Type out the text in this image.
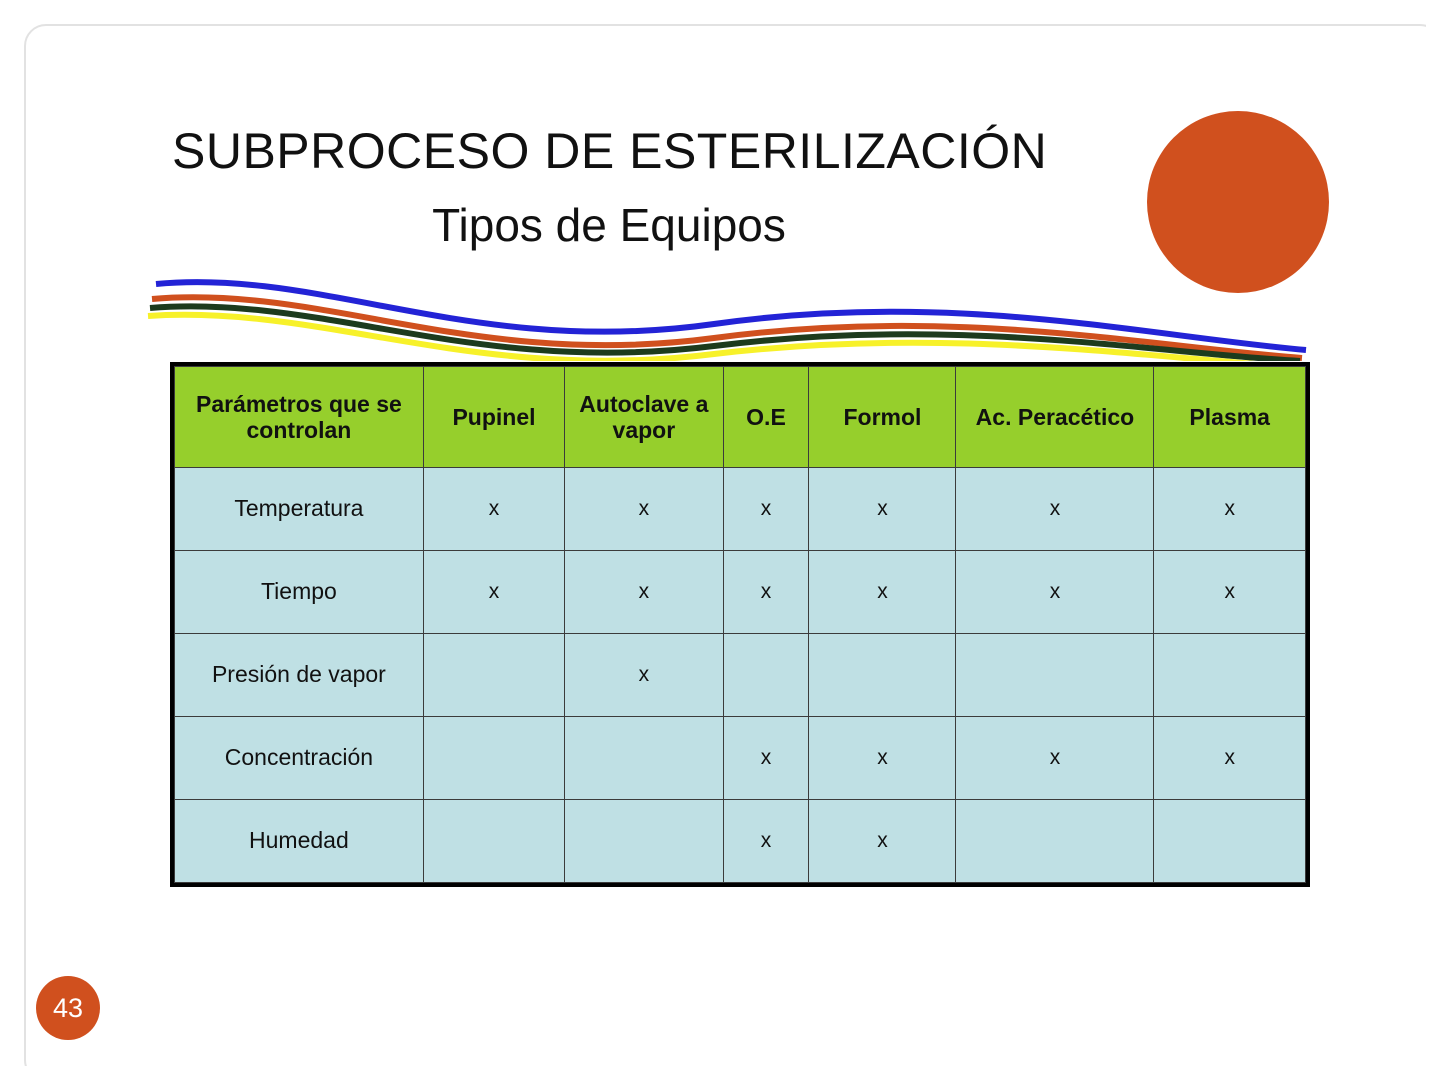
SUBPROCESO DE ESTERILIZACIÓN
Tipos de Equipos
Parámetros que se controlan	Pupinel	Autoclave a vapor	O.E	Formol	Ac. Peracético	Plasma
Temperatura	x	x	x	x	x	x
Tiempo	x	x	x	x	x	x
Presión de vapor		x				
Concentración			x	x	x	x
Humedad			x	x		
43
